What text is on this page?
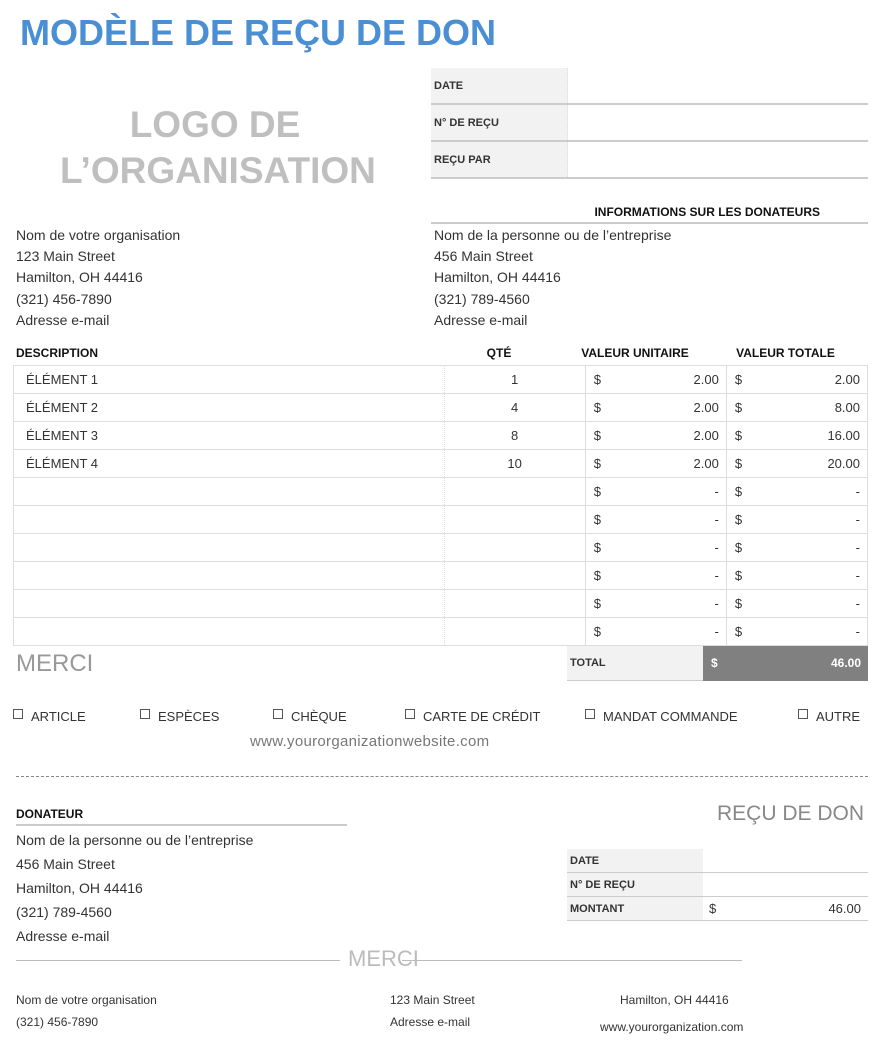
MODÈLE DE REÇU DE DON
LOGO DE
L’ORGANISATION
DATE	
N° DE REÇU	
REÇU PAR	
Nom de votre organisation
123 Main Street
Hamilton, OH 44416
(321) 456-7890
Adresse e-mail
INFORMATIONS SUR LES DONATEURS
Nom de la personne ou de l’entreprise
456 Main Street
Hamilton, OH 44416
(321) 789-4560
Adresse e-mail
DESCRIPTION	QTÉ	VALEUR UNITAIRE	VALEUR TOTALE
ÉLÉMENT 1	1	$ 2.00	$ 2.00

ÉLÉMENT 2	4	$ 2.00	$ 8.00

ÉLÉMENT 3	8	$ 2.00	$ 16.00

ÉLÉMENT 4	10	$ 2.00	$ 20.00

		$ -	$ -

		$ -	$ -

		$ -	$ -

		$ -	$ -

		$ -	$ -

		$ -	$ -
MERCI	TOTAL	$	46.00
ARTICLE	ESPÈCES	CHÈQUE	CARTE DE CRÉDIT	MANDAT COMMANDE	AUTRE
www.yourorganizationwebsite.com
DONATEUR
Nom de la personne ou de l’entreprise
456 Main Street
Hamilton, OH 44416
(321) 789-4560
Adresse e-mail
REÇU DE DON
DATE	
N° DE REÇU	
MONTANT	$ 46.00
MERCI
Nom de votre organisation
(321) 456-7890
123 Main Street
Adresse e-mail
Hamilton, OH 44416
www.yourorganization.com
